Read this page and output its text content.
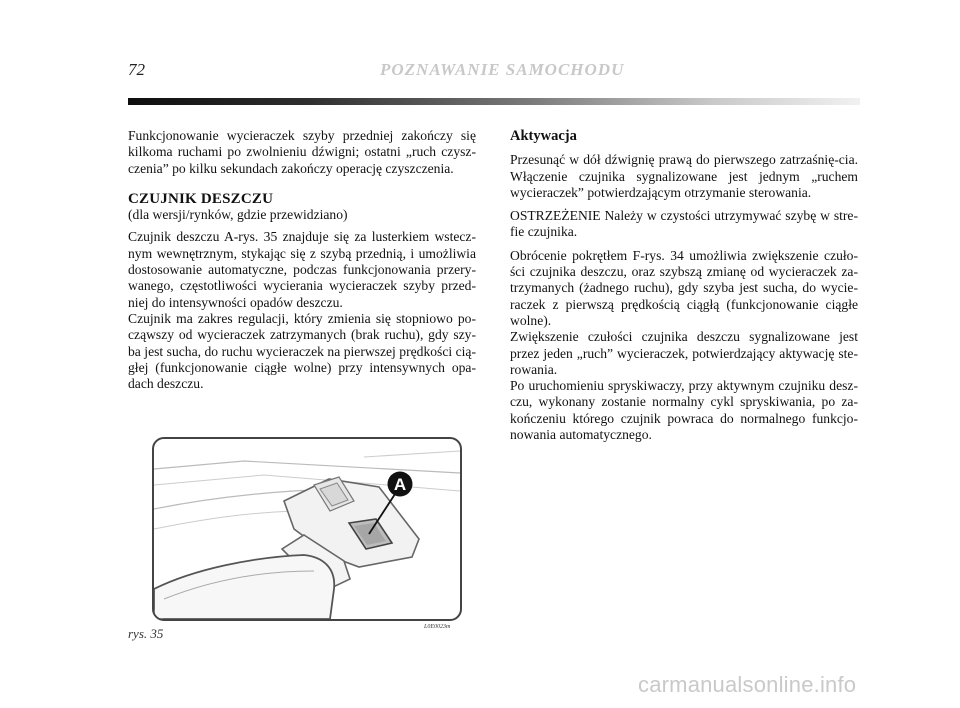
72	POZNAWANIE SAMOCHODU

Funkcjonowanie wycieraczek szyby przedniej zakończy się kilkoma ruchami po zwolnieniu dźwigni; ostatni „ruch czysz-czenia” po kilku sekundach zakończy operację czyszczenia.

CZUJNIK DESZCZU
(dla wersji/rynków, gdzie przewidziano)

Czujnik deszczu A-rys. 35 znajduje się za lusterkiem wstecz-nym wewnętrznym, stykając się z szybą przednią, i umożliwia dostosowanie automatyczne, podczas funkcjonowania przery-wanego, częstotliwości wycierania wycieraczek szyby przed-niej do intensywności opadów deszczu.

Czujnik ma zakres regulacji, który zmienia się stopniowo po-cząwszy od wycieraczek zatrzymanych (brak ruchu), gdy szy-ba jest sucha, do ruchu wycieraczek na pierwszej prędkości cią-głej (funkcjonowanie ciągłe wolne) przy intensywnych opa-dach deszczu.

Aktywacja

Przesunąć w dół dźwignię prawą do pierwszego zatrzaśnię-cia. Włączenie czujnika sygnalizowane jest jednym „ruchem wycieraczek” potwierdzającym otrzymanie sterowania.

OSTRZEŻENIE Należy w czystości utrzymywać szybę w stre-fie czujnika.

Obrócenie pokrętłem F-rys. 34 umożliwia zwiększenie czuło-ści czujnika deszczu, oraz szybszą zmianę od wycieraczek za-trzymanych (żadnego ruchu), gdy szyba jest sucha, do wycie-raczek z pierwszą prędkością ciągłą (funkcjonowanie ciągłe wolne).

Zwiększenie czułości czujnika deszczu sygnalizowane jest przez jeden „ruch” wycieraczek, potwierdzający aktywację ste-rowania.

Po uruchomieniu spryskiwaczy, przy aktywnym czujniku desz-czu, wykonany zostanie normalny cykl spryskiwania, po za-kończeniu którego czujnik powraca do normalnego funkcjo-nowania automatycznego.

A
rys. 35	L0E0023m
carmanualsonline.info
